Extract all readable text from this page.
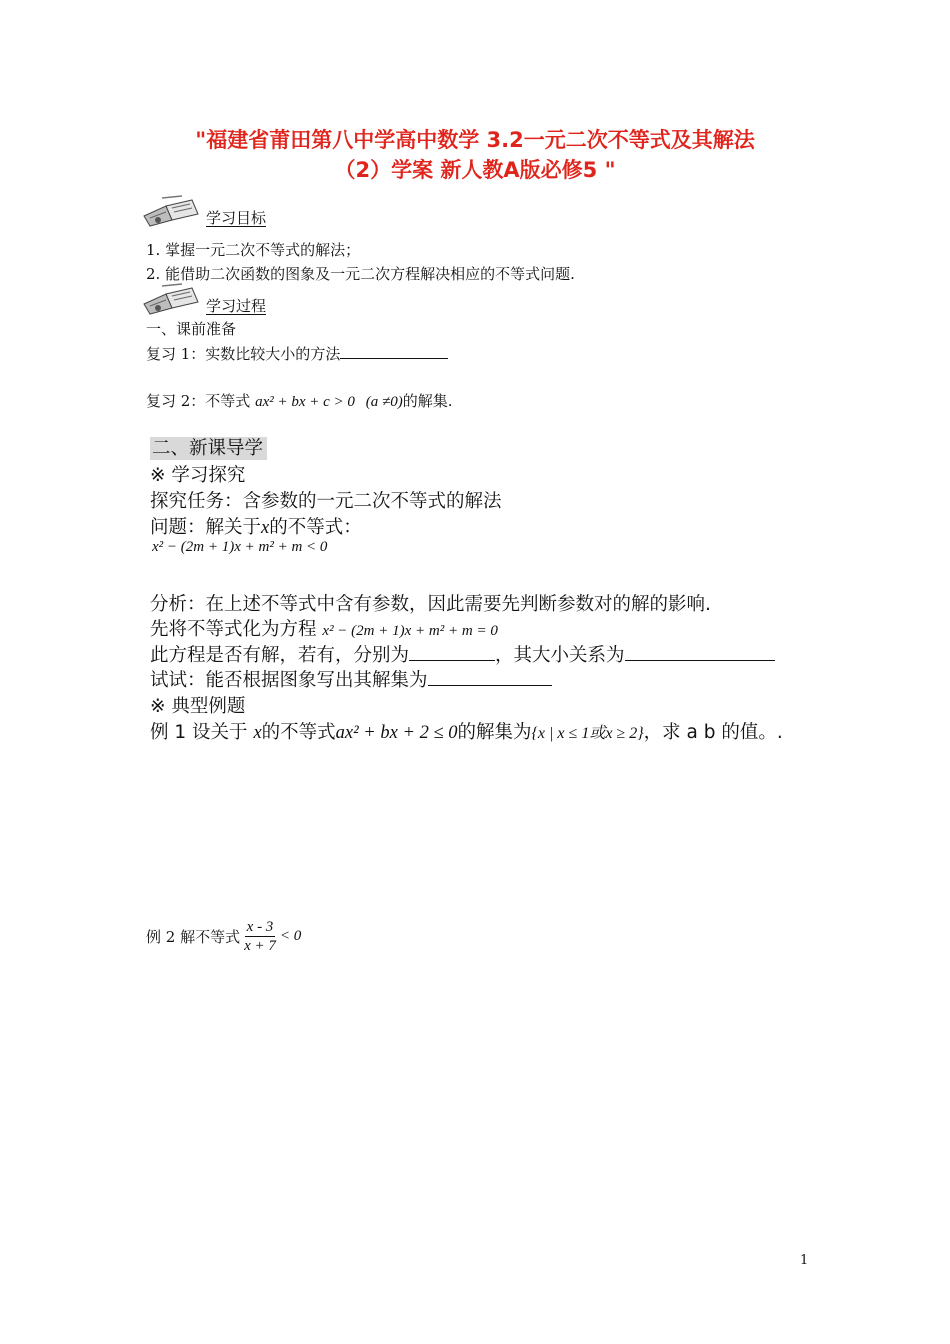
"福建省莆田第八中学高中数学 3.2一元二次不等式及其解法
（2）学案 新人教A版必修5 "
学习目标
1. 掌握一元二次不等式的解法；
2. 能借助二次函数的图象及一元二次方程解决相应的不等式问题.
学习过程
一、课前准备
复习 1：实数比较大小的方法
复习 2：不等式 ax² + bx + c > 0 (a ≠0)的解集.
二、新课导学
※ 学习探究
探究任务：含参数的一元二次不等式的解法
问题：解关于x的不等式：
x² − (2m + 1)x + m² + m < 0
分析：在上述不等式中含有参数，因此需要先判断参数对的解的影响.
先将不等式化为方程 x² − (2m + 1)x + m² + m = 0
此方程是否有解，若有，分别为	，其大小关系为
试试：能否根据图象写出其解集为
※ 典型例题
例 1 设关于 x的不等式ax² + bx + 2 ≤ 0的解集为{x | x ≤ 1或x ≥ 2}，求 a b 的值。.
例 2 解不等式 $\frac{x - 3}{x + 7} < 0$
1
